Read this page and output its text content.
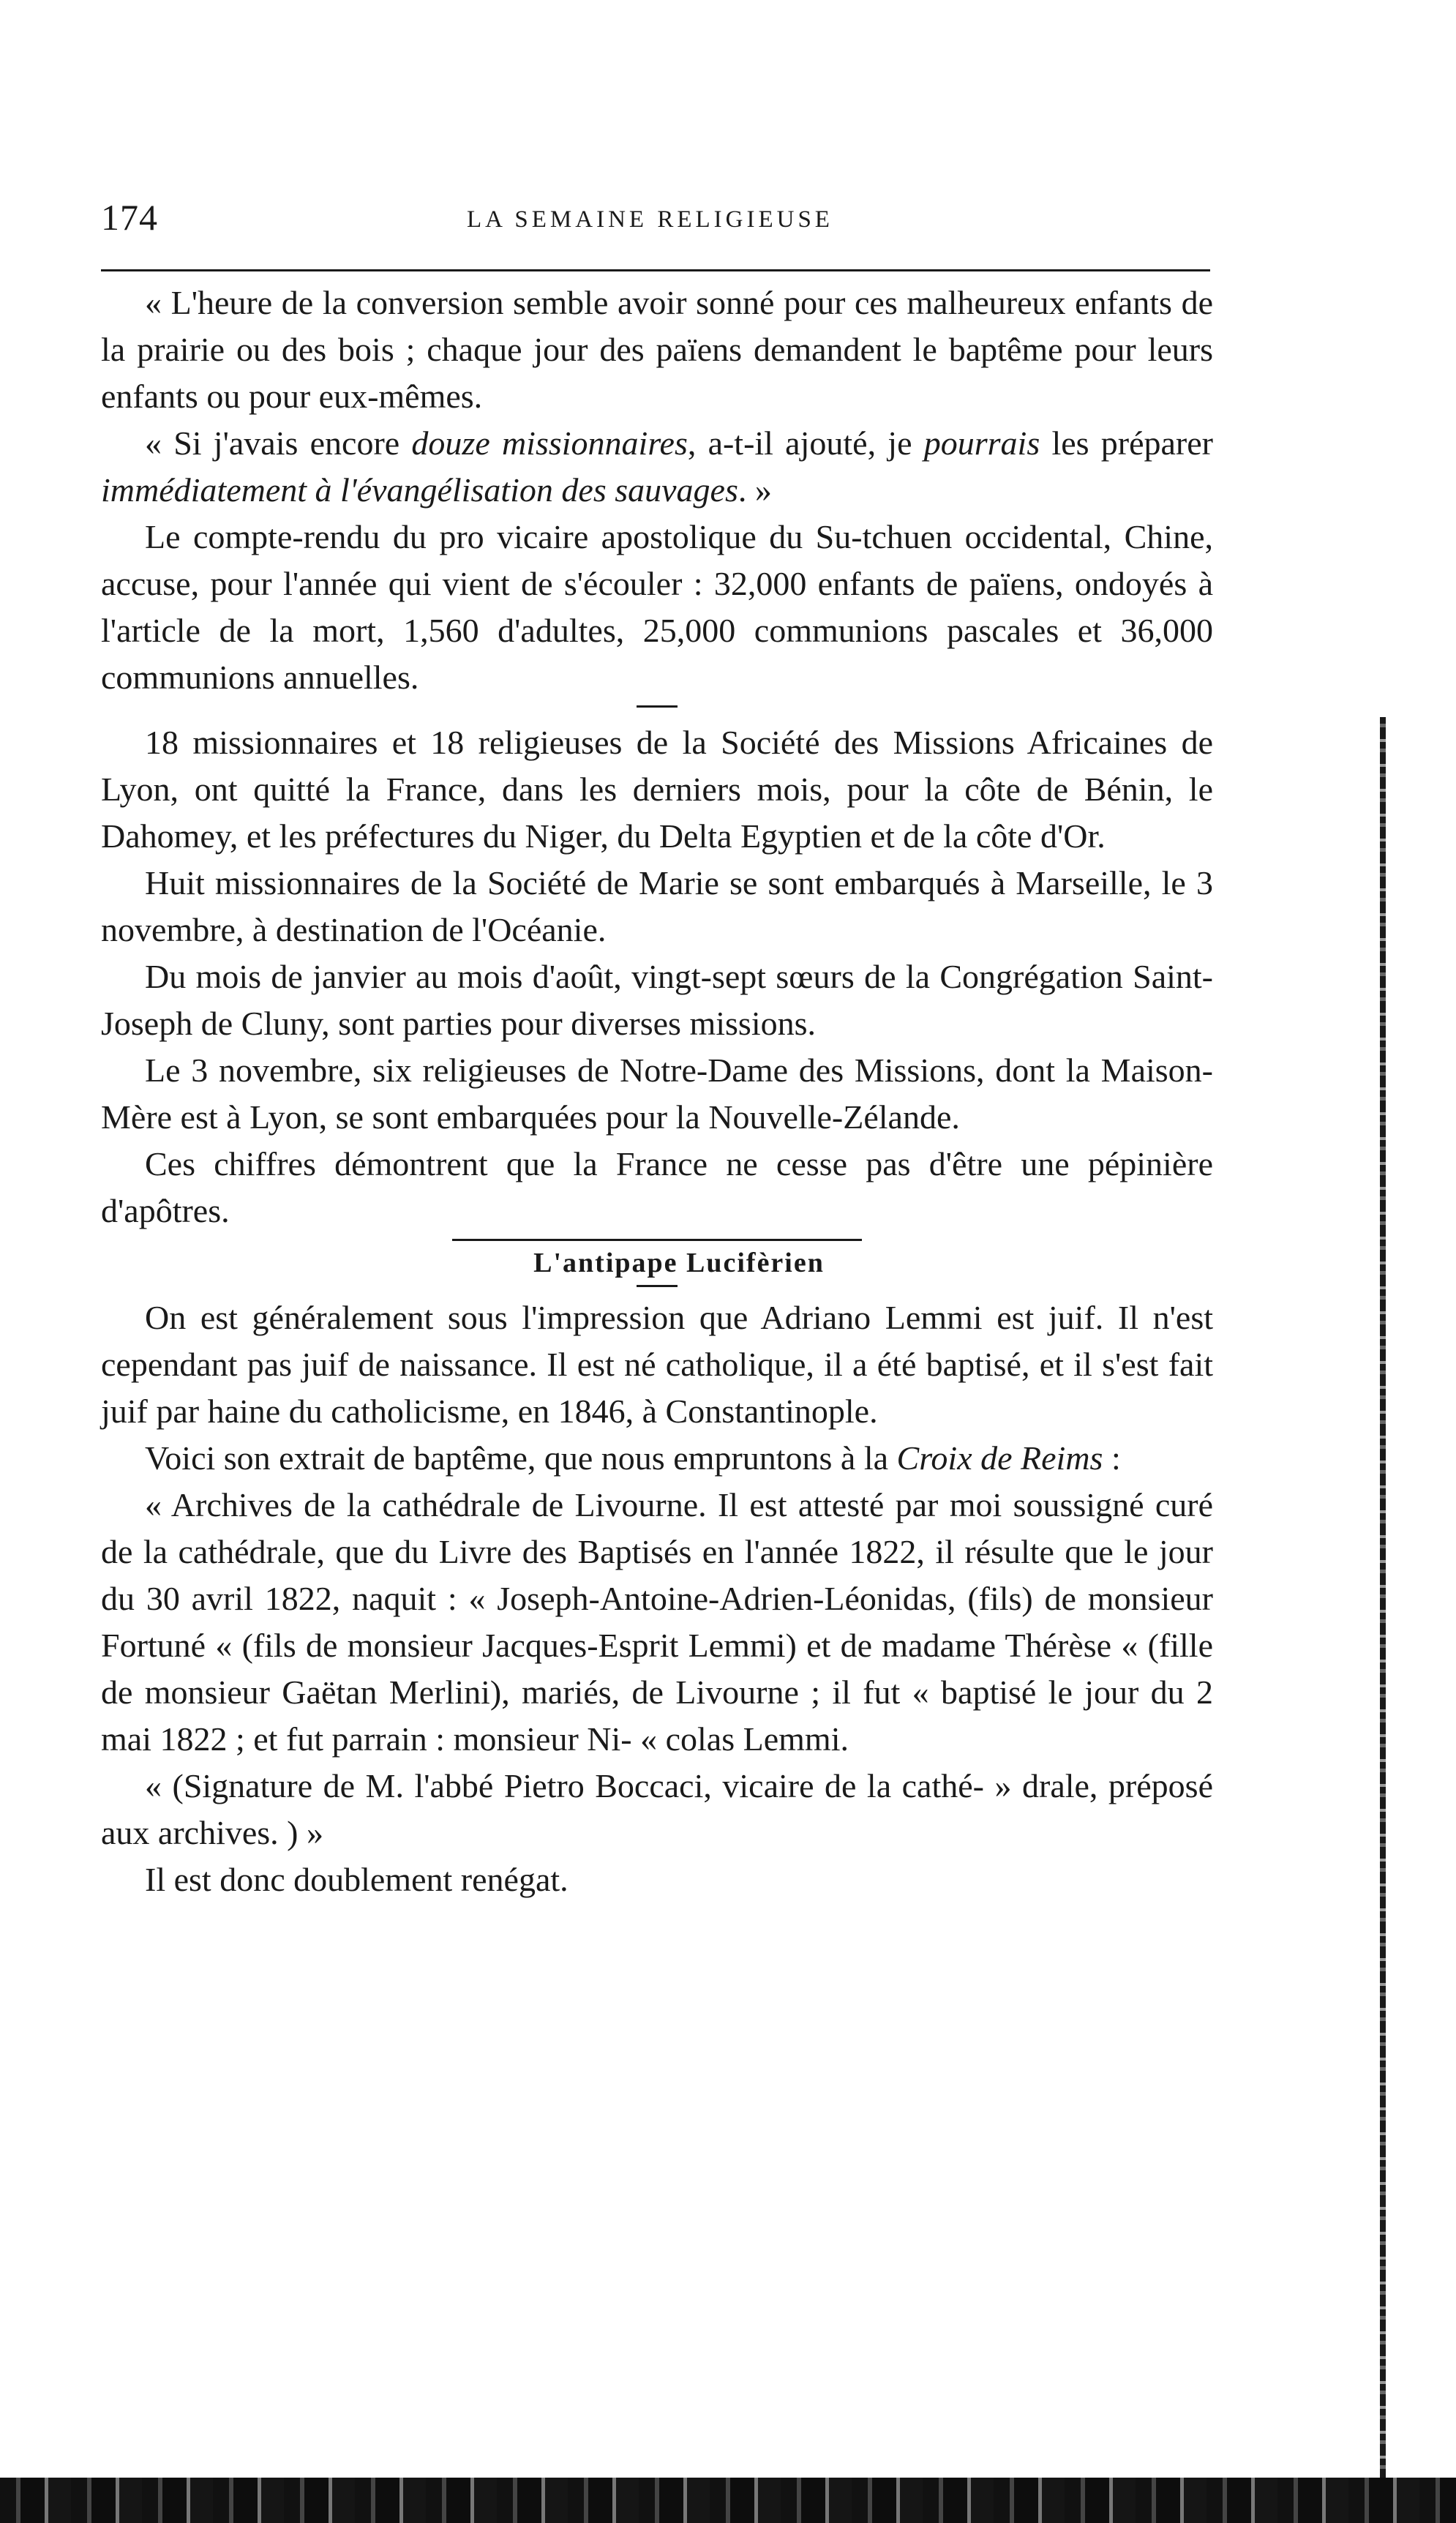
174	LA SEMAINE RELIGIEUSE

« L'heure de la conversion semble avoir sonné pour ces malheureux enfants de la prairie ou des bois ; chaque jour des païens demandent le baptême pour leurs enfants ou pour eux-mêmes.

« Si j'avais encore douze missionnaires, a-t-il ajouté, je pourrais les préparer immédiatement à l'évangélisation des sauvages. »

Le compte-rendu du pro vicaire apostolique du Su-tchuen occidental, Chine, accuse, pour l'année qui vient de s'écouler : 32,000 enfants de païens, ondoyés à l'article de la mort, 1,560 d'adultes, 25,000 communions pascales et 36,000 communions annuelles.

18 missionnaires et 18 religieuses de la Société des Missions Africaines de Lyon, ont quitté la France, dans les derniers mois, pour la côte de Bénin, le Dahomey, et les préfectures du Niger, du Delta Egyptien et de la côte d'Or.

Huit missionnaires de la Société de Marie se sont embarqués à Marseille, le 3 novembre, à destination de l'Océanie.

Du mois de janvier au mois d'août, vingt-sept sœurs de la Congrégation Saint-Joseph de Cluny, sont parties pour diverses missions.

Le 3 novembre, six religieuses de Notre-Dame des Missions, dont la Maison-Mère est à Lyon, se sont embarquées pour la Nouvelle-Zélande.

Ces chiffres démontrent que la France ne cesse pas d'être une pépinière d'apôtres.

L'antipape Lucifèrien

On est généralement sous l'impression que Adriano Lemmi est juif. Il n'est cependant pas juif de naissance. Il est né catholique, il a été baptisé, et il s'est fait juif par haine du catholicisme, en 1846, à Constantinople.

Voici son extrait de baptême, que nous empruntons à la Croix de Reims :

« Archives de la cathédrale de Livourne. Il est attesté par moi soussigné curé de la cathédrale, que du Livre des Baptisés en l'année 1822, il résulte que le jour du 30 avril 1822, naquit : « Joseph-Antoine-Adrien-Léonidas, (fils) de monsieur Fortuné « (fils de monsieur Jacques-Esprit Lemmi) et de madame Thérèse « (fille de monsieur Gaëtan Merlini), mariés, de Livourne ; il fut « baptisé le jour du 2 mai 1822 ; et fut parrain : monsieur Ni- « colas Lemmi.

« (Signature de M. l'abbé Pietro Boccaci, vicaire de la cathé- » drale, préposé aux archives. ) »

Il est donc doublement renégat.
